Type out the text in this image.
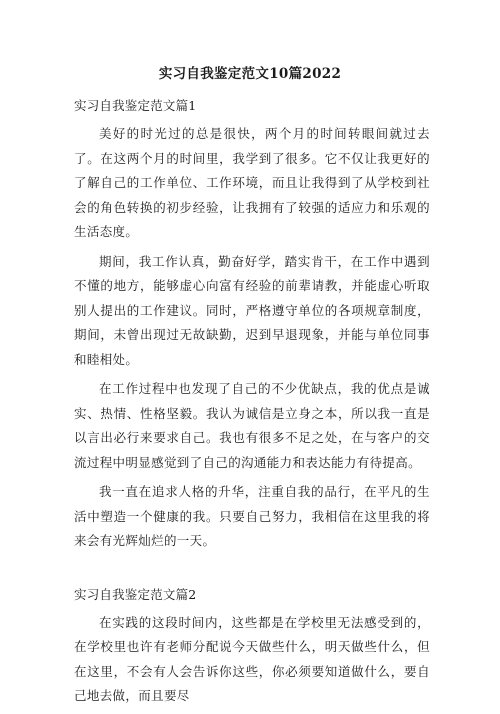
实习自我鉴定范文10篇2022
实习自我鉴定范文篇1

美好的时光过的总是很快，两个月的时间转眼间就过去了。在这两个月的时间里，我学到了很多。它不仅让我更好的了解自己的工作单位、工作环境，而且让我得到了从学校到社会的角色转换的初步经验，让我拥有了较强的适应力和乐观的生活态度。

期间，我工作认真，勤奋好学，踏实肯干，在工作中遇到不懂的地方，能够虚心向富有经验的前辈请教，并能虚心听取别人提出的工作建议。同时，严格遵守单位的各项规章制度，期间，未曾出现过无故缺勤，迟到早退现象，并能与单位同事和睦相处。

在工作过程中也发现了自己的不少优缺点，我的优点是诚实、热情、性格坚毅。我认为诚信是立身之本，所以我一直是以言出必行来要求自己。我也有很多不足之处，在与客户的交流过程中明显感觉到了自己的沟通能力和表达能力有待提高。

我一直在追求人格的升华，注重自我的品行，在平凡的生活中塑造一个健康的我。只要自己努力，我相信在这里我的将来会有光辉灿烂的一天。

实习自我鉴定范文篇2

在实践的这段时间内，这些都是在学校里无法感受到的，在学校里也许有老师分配说今天做些什么，明天做些什么，但在这里，不会有人会告诉你这些，你必须要知道做什么，要自己地去做，而且要尽
